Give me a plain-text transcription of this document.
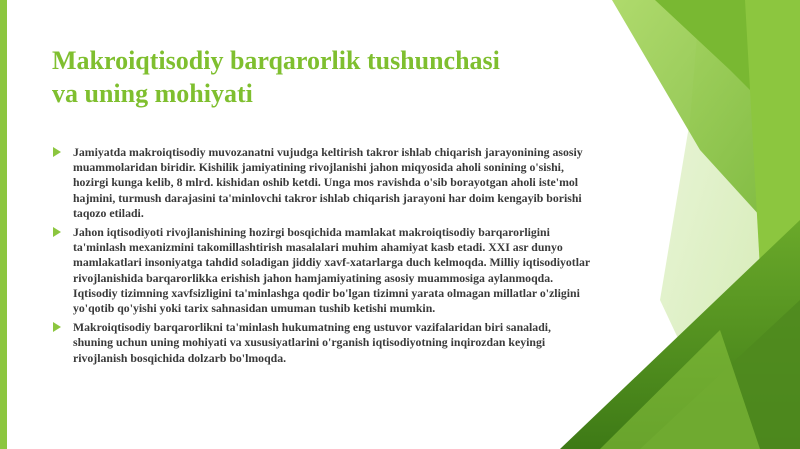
Makroiqtisodiy barqarorlik tushunchasi
va uning mohiyati
Jamiyatda makroiqtisodiy muvozanatni vujudga keltirish takror ishlab chiqarish jarayonining asosiy muammolaridan biridir. Kishilik jamiyatining rivojlanishi jahon miqyosida aholi sonining o'sishi, hozirgi kunga kelib, 8 mlrd. kishidan oshib ketdi. Unga mos ravishda o'sib borayotgan aholi iste'mol hajmini, turmush darajasini ta'minlovchi takror ishlab chiqarish jarayoni har doim kengayib borishi taqozo etiladi.
Jahon iqtisodiyoti rivojlanishining hozirgi bosqichida mamlakat makroiqtisodiy barqarorligini ta'minlash mexanizmini takomillashtirish masalalari muhim ahamiyat kasb etadi. XXI asr dunyo mamlakatlari insoniyatga tahdid soladigan jiddiy xavf-xatarlarga duch kelmoqda. Milliy iqtisodiyotlar rivojlanishida barqarorlikka erishish jahon hamjamiyatining asosiy muammosiga aylanmoqda. Iqtisodiy tizimning xavfsizligini ta'minlashga qodir bo'lgan tizimni yarata olmagan millatlar o'zligini yo'qotib qo'yishi yoki tarix sahnasidan umuman tushib ketishi mumkin.
Makroiqtisodiy barqarorlikni ta'minlash hukumatning eng ustuvor vazifalaridan biri sanaladi, shuning uchun uning mohiyati va xususiyatlarini o'rganish iqtisodiyotning inqirozdan keyingi rivojlanish bosqichida dolzarb bo'lmoqda.
